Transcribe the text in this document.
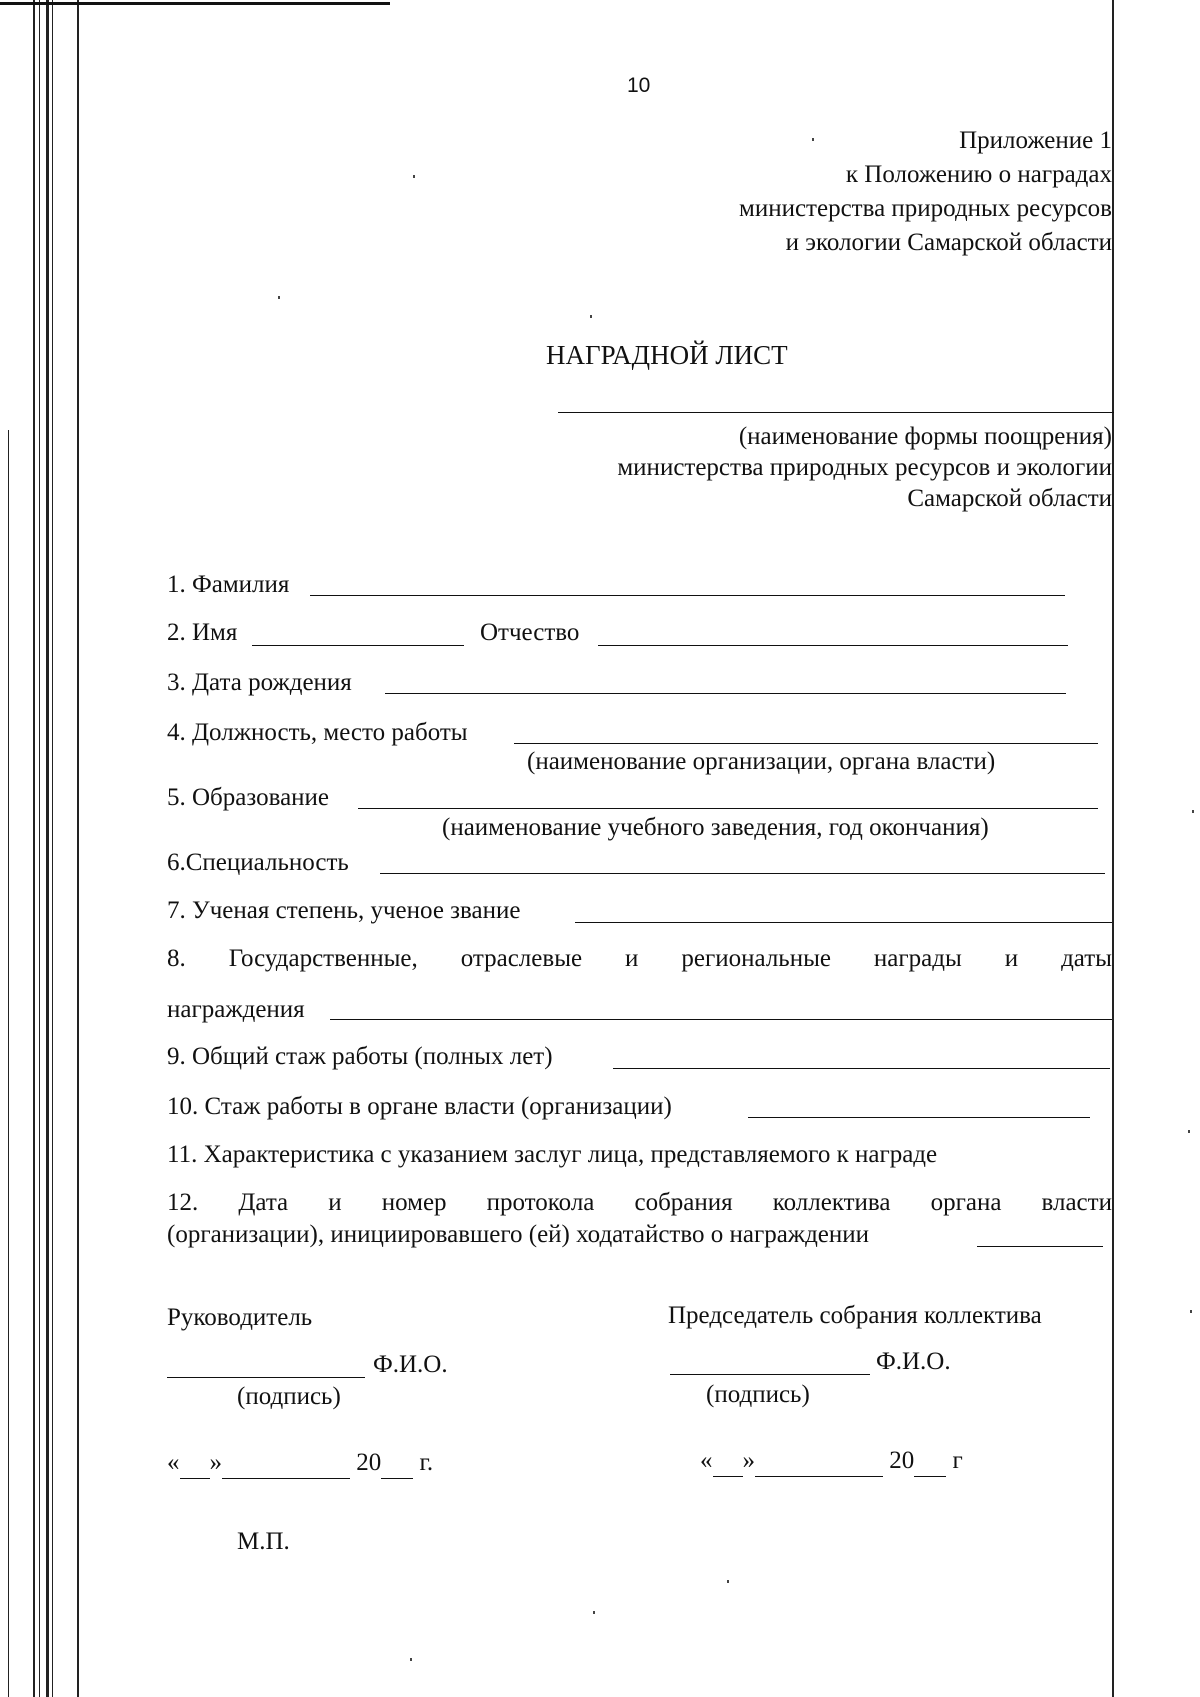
10
Приложение 1
к Положению о наградах
министерства природных ресурсов
и экологии Самарской области
НАГРАДНОЙ ЛИСТ
(наименование формы поощрения)
министерства природных ресурсов и экологии
Самарской области
1. Фамилия
2. Имя	Отчество
3. Дата рождения
4. Должность, место работы
(наименование организации, органа власти)
5. Образование
(наименование учебного заведения, год окончания)
6.Специальность
7. Ученая степень, ученое звание
8. Государственные, отраслевые и региональные награды и даты
награждения
9. Общий стаж работы (полных лет)
10. Стаж работы в органе власти (организации)
11. Характеристика с указанием заслуг лица, представляемого к награде
12. Дата и номер протокола собрания коллектива органа власти
(организации), инициировавшего (ей) ходатайство о награждении
Руководитель
Ф.И.О.
(подпись)
« »	20 г.
Председатель собрания коллектива
Ф.И.О.
(подпись)
« »	20 г
М.П.
